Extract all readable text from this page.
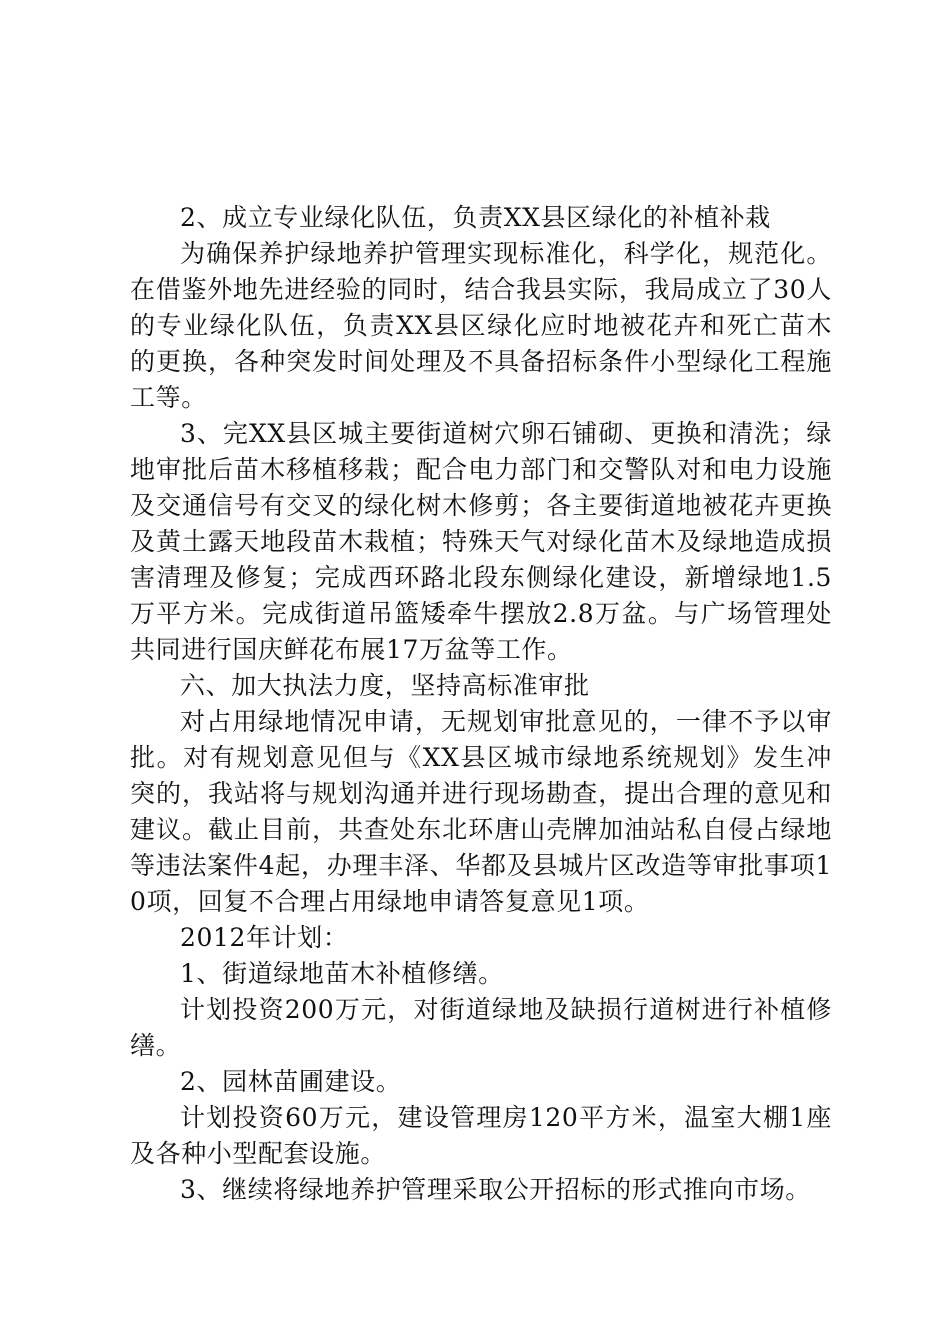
2、成立专业绿化队伍，负责XX县区绿化的补植补栽

为确保养护绿地养护管理实现标准化，科学化，规范化。在借鉴外地先进经验的同时，结合我县实际，我局成立了30人的专业绿化队伍，负责XX县区绿化应时地被花卉和死亡苗木的更换，各种突发时间处理及不具备招标条件小型绿化工程施工等。

3、完XX县区城主要街道树穴卵石铺砌、更换和清洗；绿地审批后苗木移植移栽；配合电力部门和交警队对和电力设施及交通信号有交叉的绿化树木修剪；各主要街道地被花卉更换及黄土露天地段苗木栽植；特殊天气对绿化苗木及绿地造成损害清理及修复；完成西环路北段东侧绿化建设，新增绿地1.5万平方米。完成街道吊篮矮牵牛摆放2.8万盆。与广场管理处共同进行国庆鲜花布展17万盆等工作。

六、加大执法力度，坚持高标准审批

对占用绿地情况申请，无规划审批意见的，一律不予以审批。对有规划意见但与《XX县区城市绿地系统规划》发生冲突的，我站将与规划沟通并进行现场勘查，提出合理的意见和建议。截止目前，共查处东北环唐山壳牌加油站私自侵占绿地等违法案件4起，办理丰泽、华都及县城片区改造等审批事项10项，回复不合理占用绿地申请答复意见1项。

2012年计划：

1、街道绿地苗木补植修缮。

计划投资200万元，对街道绿地及缺损行道树进行补植修缮。

2、园林苗圃建设。

计划投资60万元，建设管理房120平方米，温室大棚1座及各种小型配套设施。

3、继续将绿地养护管理采取公开招标的形式推向市场。
